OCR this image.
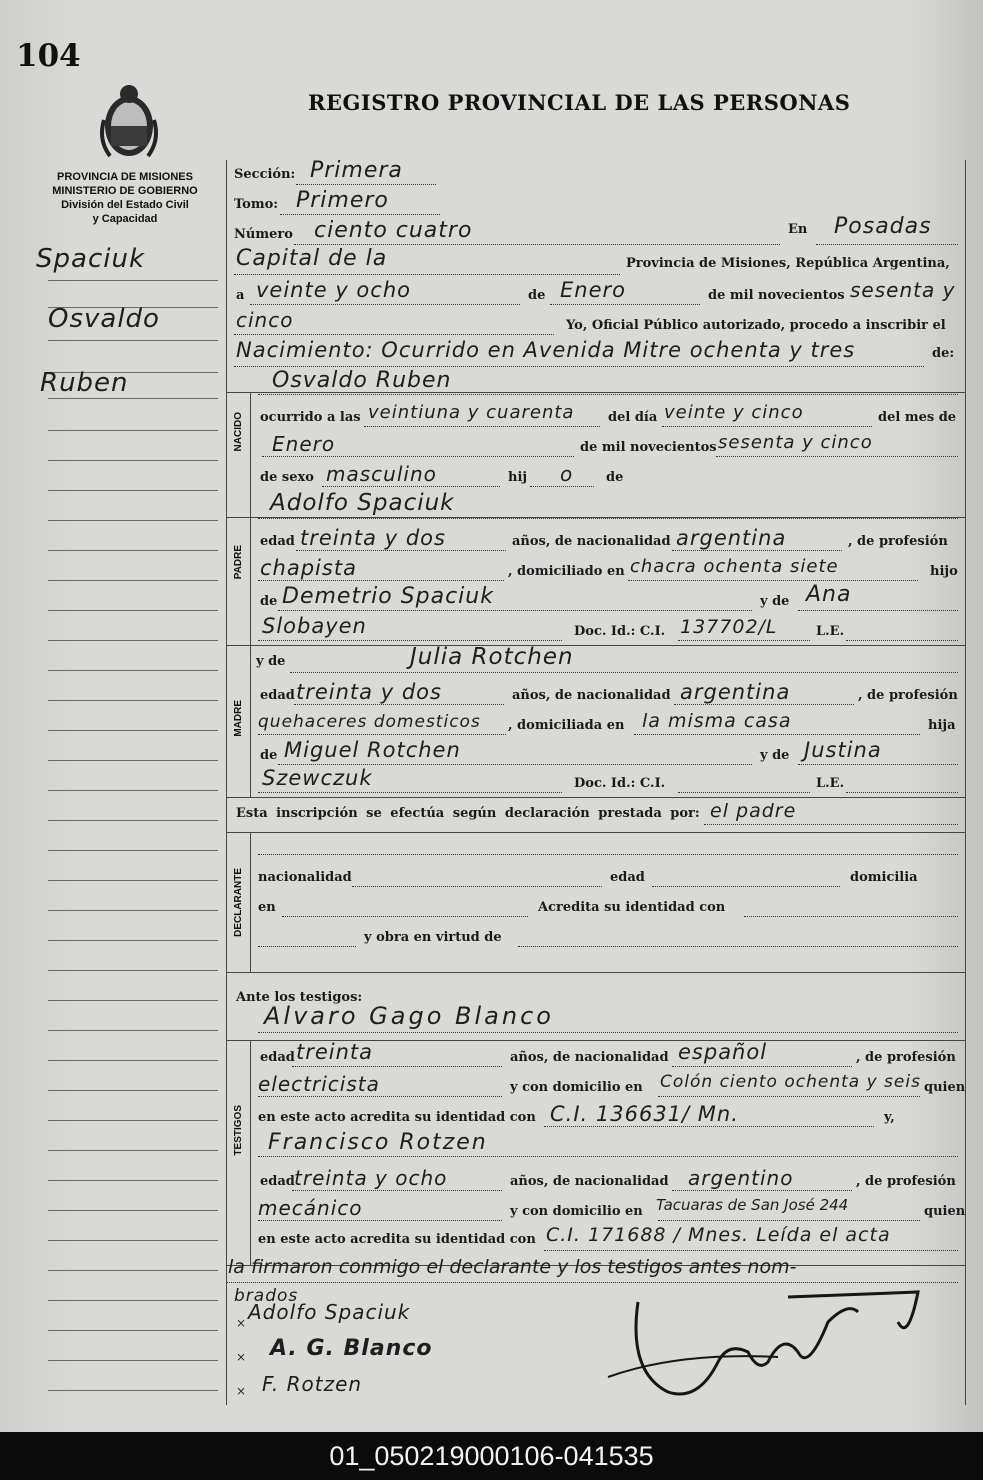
104
REGISTRO PROVINCIAL DE LAS PERSONAS
PROVINCIA DE MISIONES
MINISTERIO DE GOBIERNO
División del Estado Civil
y Capacidad
NACIDO
PADRE
MADRE
DECLARANTE
TESTIGOS
Spaciuk
Osvaldo
Ruben
Sección: Primera
Tomo: Primero
Número ciento cuatro	En Posadas
Capital de la	Provincia de Misiones, República Argentina,
a veinte y ocho	de Enero	de mil novecientos sesenta y
cinco	Yo, Oficial Público autorizado, procedo a inscribir el
Nacimiento: Ocurrido en Avenida Mitre ochenta y tres	de:
Osvaldo Ruben
ocurrido a las veintiuna y cuarenta	del día veinte y cinco	del mes de
Enero	de mil novecientos sesenta y cinco
de sexo masculino	hij o	de
Adolfo Spaciuk
edad treinta y dos	años, de nacionalidad argentina	, de profesión
chapista	, domiciliado en chacra ochenta siete	hijo
de Demetrio Spaciuk	y de Ana
Slobayen	Doc. Id.: C.I. 137702/L	L.E.
y de	Julia Rotchen
edad treinta y dos	años, de nacionalidad argentina	, de profesión
quehaceres domesticos , domiciliada en la misma casa	hija
de Miguel Rotchen	y de Justina
Szewczuk	Doc. Id.: C.I.	L.E.
Esta inscripción se efectúa según declaración prestada por: el padre
nacionalidad	edad	domicilia
en	Acredita su identidad con
y obra en virtud de
Ante los testigos:
Alvaro Gago Blanco
edad treinta	años, de nacionalidad español	, de profesión
electricista	y con domicilio en Colón ciento ochenta y seis quien
en este acto acredita su identidad con C.I. 136631/ Mn.	y,
Francisco Rotzen
edad treinta y ocho	años, de nacionalidad argentino	, de profesión
mecánico	y con domicilio en Tacuaras de San José 244	quien
en este acto acredita su identidad con C.I. 171688 / Mnes. Leída el acta
la firmaron conmigo el declarante y los testigos antes nom-
brados
×
×
×
Adolfo Spaciuk
A. G. Blanco
F. Rotzen
01_050219000106-041535
